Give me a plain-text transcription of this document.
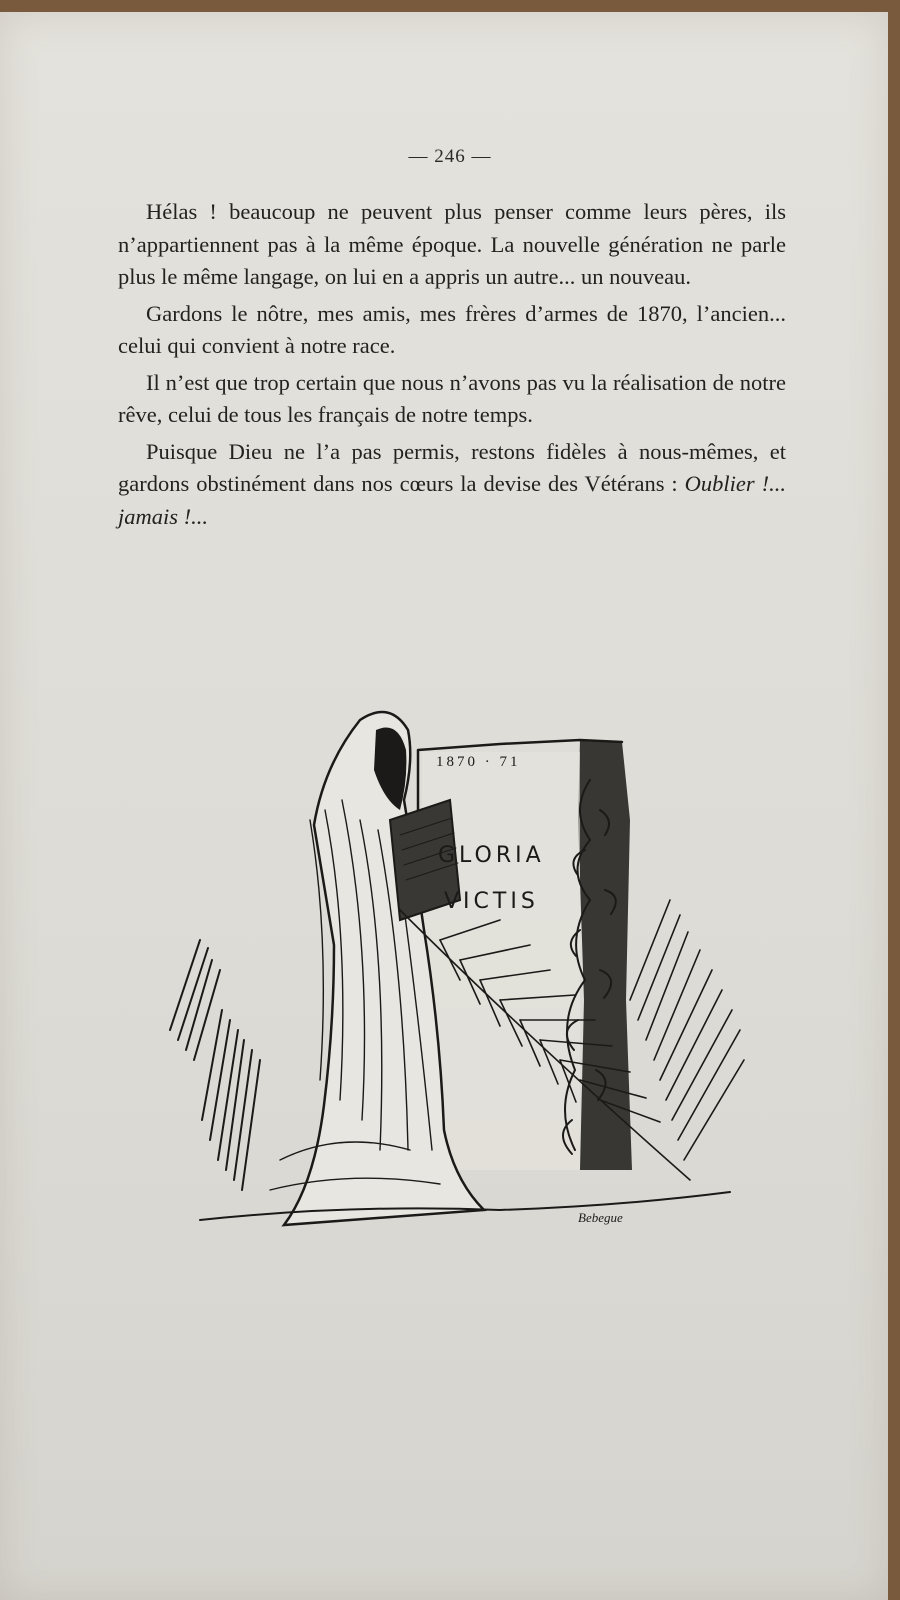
— 246 —

Hélas ! beaucoup ne peuvent plus penser comme leurs pères, ils n’appartiennent pas à la même époque. La nouvelle génération ne parle plus le même langage, on lui en a appris un autre... un nouveau.

Gardons le nôtre, mes amis, mes frères d’armes de 1870, l’ancien... celui qui convient à notre race.

Il n’est que trop certain que nous n’avons pas vu la réalisation de notre rêve, celui de tous les français de notre temps.

Puisque Dieu ne l’a pas permis, restons fidèles à nous-mêmes, et gardons obstinément dans nos cœurs la devise des Vétérans : Oublier !... jamais !...

1870 · 71
GLORIA
VICTIS
Bebegue
